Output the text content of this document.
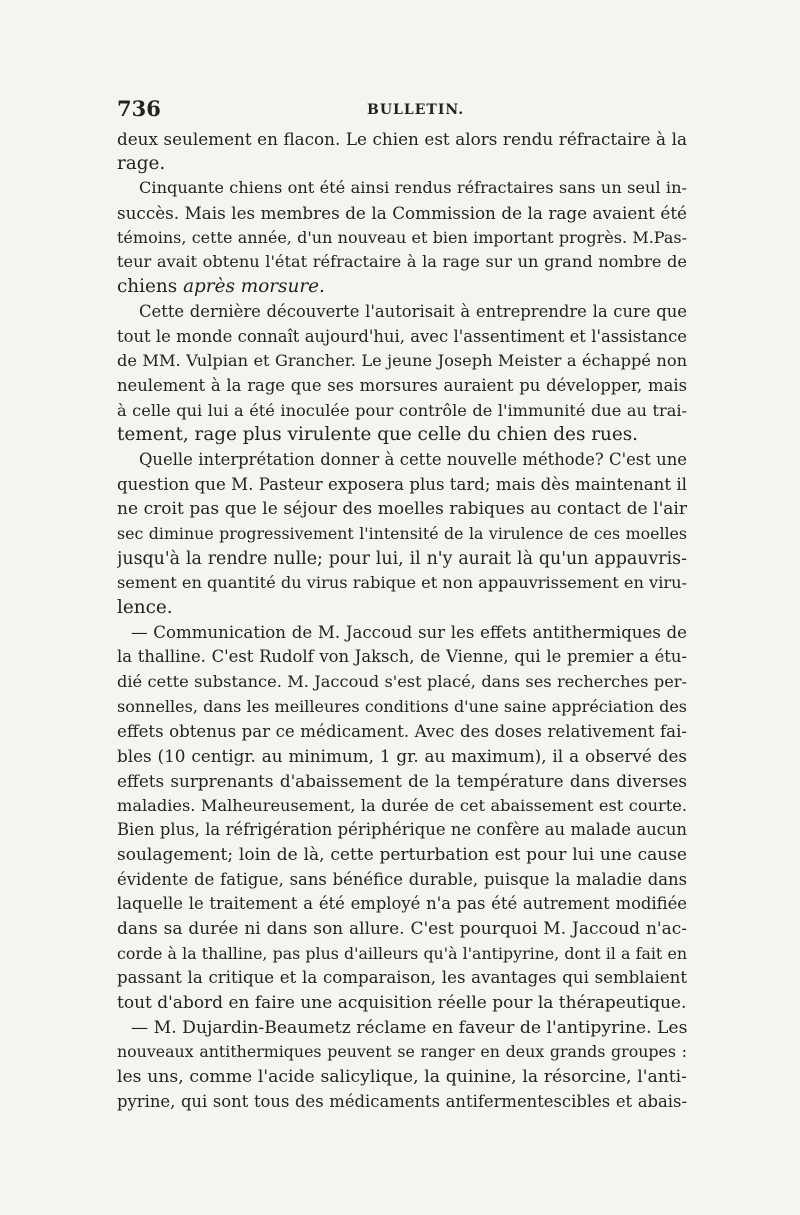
736	BULLETIN.
deux seulement en flacon. Le chien est alors rendu réfractaire à la
rage.
Cinquante chiens ont été ainsi rendus réfractaires sans un seul in-
succès. Mais les membres de la Commission de la rage avaient été
témoins, cette année, d'un nouveau et bien important progrès. M.Pas-
teur avait obtenu l'état réfractaire à la rage sur un grand nombre de
chiens après morsure.
Cette dernière découverte l'autorisait à entreprendre la cure que
tout le monde connaît aujourd'hui, avec l'assentiment et l'assistance
de MM. Vulpian et Grancher. Le jeune Joseph Meister a échappé non
neulement à la rage que ses morsures auraient pu développer, mais
à celle qui lui a été inoculée pour contrôle de l'immunité due au trai-
tement, rage plus virulente que celle du chien des rues.
Quelle interprétation donner à cette nouvelle méthode? C'est une
question que M. Pasteur exposera plus tard; mais dès maintenant il
ne croit pas que le séjour des moelles rabiques au contact de l'air
sec diminue progressivement l'intensité de la virulence de ces moelles
jusqu'à la rendre nulle; pour lui, il n'y aurait là qu'un appauvris-
sement en quantité du virus rabique et non appauvrissement en viru-
lence.
— Communication de M. Jaccoud sur les effets antithermiques de
la thalline. C'est Rudolf von Jaksch, de Vienne, qui le premier a étu-
dié cette substance. M. Jaccoud s'est placé, dans ses recherches per-
sonnelles, dans les meilleures conditions d'une saine appréciation des
effets obtenus par ce médicament. Avec des doses relativement fai-
bles (10 centigr. au minimum, 1 gr. au maximum), il a observé des
effets surprenants d'abaissement de la température dans diverses
maladies. Malheureusement, la durée de cet abaissement est courte.
Bien plus, la réfrigération périphérique ne confère au malade aucun
soulagement; loin de là, cette perturbation est pour lui une cause
évidente de fatigue, sans bénéfice durable, puisque la maladie dans
laquelle le traitement a été employé n'a pas été autrement modifiée
dans sa durée ni dans son allure. C'est pourquoi M. Jaccoud n'ac-
corde à la thalline, pas plus d'ailleurs qu'à l'antipyrine, dont il a fait en
passant la critique et la comparaison, les avantages qui semblaient
tout d'abord en faire une acquisition réelle pour la thérapeutique.
— M. Dujardin-Beaumetz réclame en faveur de l'antipyrine. Les
nouveaux antithermiques peuvent se ranger en deux grands groupes :
les uns, comme l'acide salicylique, la quinine, la résorcine, l'anti-
pyrine, qui sont tous des médicaments antifermentescibles et abais-
